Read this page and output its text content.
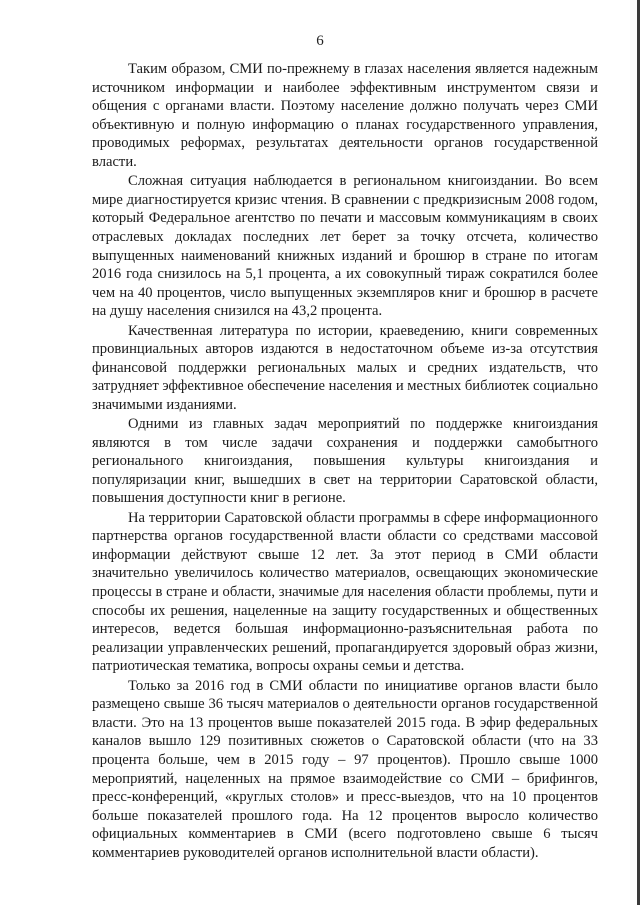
6

Таким образом, СМИ по-прежнему в глазах населения является надежным источником информации и наиболее эффективным инструментом связи и общения с органами власти. Поэтому население должно получать через СМИ объективную и полную информацию о планах государственного управления, проводимых реформах, результатах деятельности органов государственной власти.

Сложная ситуация наблюдается в региональном книгоиздании. Во всем мире диагностируется кризис чтения. В сравнении с предкризисным 2008 годом, который Федеральное агентство по печати и массовым коммуникациям в своих отраслевых докладах последних лет берет за точку отсчета, количество выпущенных наименований книжных изданий и брошюр в стране по итогам 2016 года снизилось на 5,1 процента, а их совокупный тираж сократился более чем на 40 процентов, число выпущенных экземпляров книг и брошюр в расчете на душу населения снизился на 43,2 процента.

Качественная литература по истории, краеведению, книги современных провинциальных авторов издаются в недостаточном объеме из-за отсутствия финансовой поддержки региональных малых и средних издательств, что затрудняет эффективное обеспечение населения и местных библиотек социально значимыми изданиями.

Одними из главных задач мероприятий по поддержке книгоиздания являются в том числе задачи сохранения и поддержки самобытного регионального книгоиздания, повышения культуры книгоиздания и популяризации книг, вышедших в свет на территории Саратовской области, повышения доступности книг в регионе.

На территории Саратовской области программы в сфере информационного партнерства органов государственной власти области со средствами массовой информации действуют свыше 12 лет. За этот период в СМИ области значительно увеличилось количество материалов, освещающих экономические процессы в стране и области, значимые для населения области проблемы, пути и способы их решения, нацеленные на защиту государственных и общественных интересов, ведется большая информационно-разъяснительная работа по реализации управленческих решений, пропагандируется здоровый образ жизни, патриотическая тематика, вопросы охраны семьи и детства.

Только за 2016 год в СМИ области по инициативе органов власти было размещено свыше 36 тысяч материалов о деятельности органов государственной власти. Это на 13 процентов выше показателей 2015 года. В эфир федеральных каналов вышло 129 позитивных сюжетов о Саратовской области (что на 33 процента больше, чем в 2015 году – 97 процентов). Прошло свыше 1000 мероприятий, нацеленных на прямое взаимодействие со СМИ – брифингов, пресс-конференций, «круглых столов» и пресс-выездов, что на 10 процентов больше показателей прошлого года. На 12 процентов выросло количество официальных комментариев в СМИ (всего подготовлено свыше 6 тысяч комментариев руководителей органов исполнительной власти области).
